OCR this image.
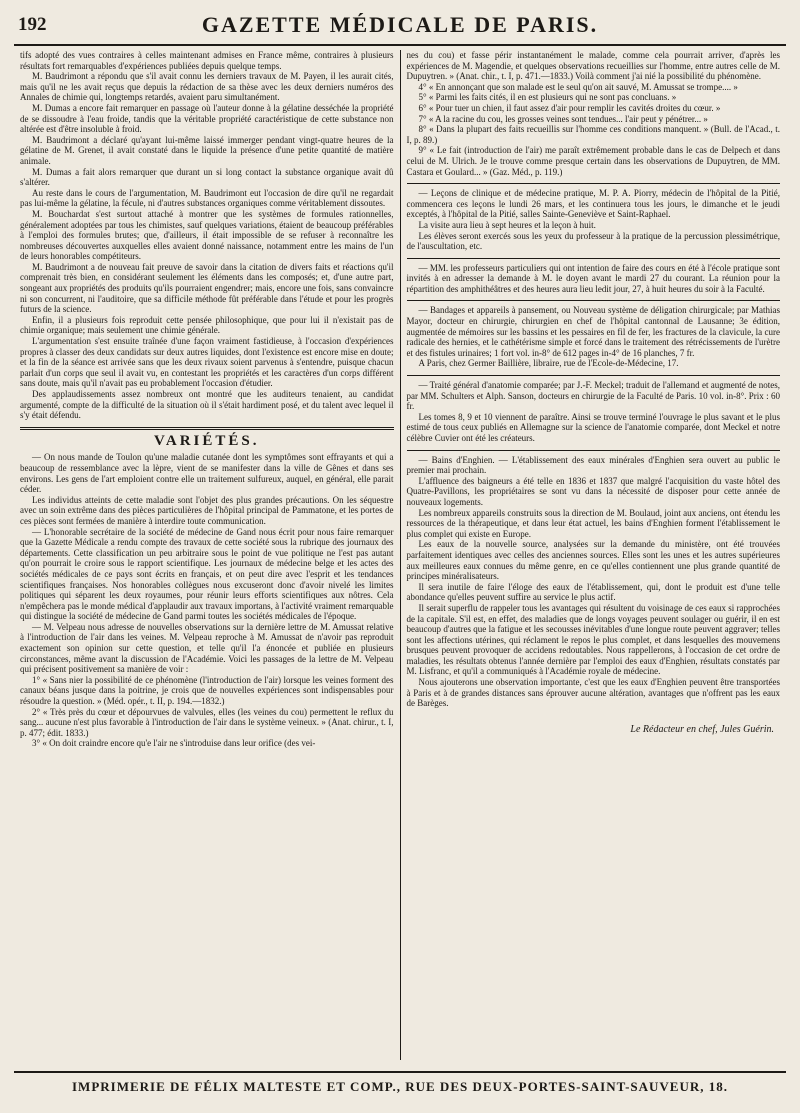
192	GAZETTE MÉDICALE DE PARIS.

tifs adopté des vues contraires à celles maintenant admises en France même, contraires à plusieurs résultats fort remarquables d'expériences publiées depuis quelque temps.

M. Baudrimont a répondu que s'il avait connu les derniers travaux de M. Payen, il les aurait cités, mais qu'il ne les avait reçus que depuis la rédaction de sa thèse avec les deux derniers numéros des Annales de chimie qui, longtemps retardés, avaient paru simultanément.

M. Dumas a encore fait remarquer en passage où l'auteur donne à la gélatine desséchée la propriété de se dissoudre à l'eau froide, tandis que la véritable propriété caractéristique de cette substance non altérée est d'être insoluble à froid.

M. Baudrimont a déclaré qu'ayant lui-même laissé immerger pendant vingt-quatre heures de la gélatine de M. Grenet, il avait constaté dans le liquide la présence d'une petite quantité de matière animale.

M. Dumas a fait alors remarquer que durant un si long contact la substance organique avait dû s'altérer.

Au reste dans le cours de l'argumentation, M. Baudrimont eut l'occasion de dire qu'il ne regardait pas lui-même la gélatine, la fécule, ni d'autres substances organiques comme véritablement dissoutes.

M. Bouchardat s'est surtout attaché à montrer que les systèmes de formules rationnelles, généralement adoptées par tous les chimistes, sauf quelques variations, étaient de beaucoup préférables à l'emploi des formules brutes; que, d'ailleurs, il était impossible de se refuser à reconnaître les nombreuses découvertes auxquelles elles avaient donné naissance, notamment entre les mains de l'un de leurs honorables compétiteurs.

M. Baudrimont a de nouveau fait preuve de savoir dans la citation de divers faits et réactions qu'il comprenait très bien, en considérant seulement les éléments dans les composés; et, d'une autre part, songeant aux propriétés des produits qu'ils pourraient engendrer; mais, encore une fois, sans convaincre ni son concurrent, ni l'auditoire, que sa difficile méthode fût préférable dans l'étude et pour les progrès futurs de la science.

Enfin, il a plusieurs fois reproduit cette pensée philosophique, que pour lui il n'existait pas de chimie organique; mais seulement une chimie générale.

L'argumentation s'est ensuite traînée d'une façon vraiment fastidieuse, à l'occasion d'expériences propres à classer des deux candidats sur deux autres liquides, dont l'existence est encore mise en doute; et la fin de la séance est arrivée sans que les deux rivaux soient parvenus à s'entendre, puisque chacun parlait d'un corps que seul il avait vu, en contestant les propriétés et les caractères d'un corps différent sans doute, mais qu'il n'avait pas eu probablement l'occasion d'étudier.

Des applaudissements assez nombreux ont montré que les auditeurs tenaient, au candidat argumenté, compte de la difficulté de la situation où il s'était hardiment posé, et du talent avec lequel il s'y était défendu.

VARIÉTÉS.

— On nous mande de Toulon qu'une maladie cutanée dont les symptômes sont effrayants et qui a beaucoup de ressemblance avec la lèpre, vient de se manifester dans la ville de Gênes et dans ses environs. Les gens de l'art emploient contre elle un traitement sulfureux, auquel, en général, elle parait céder.

Les individus atteints de cette maladie sont l'objet des plus grandes précautions. On les séquestre avec un soin extrême dans des pièces particulières de l'hôpital principal de Pammatone, et les portes de ces pièces sont fermées de manière à interdire toute communication.

— L'honorable secrétaire de la société de médecine de Gand nous écrit pour nous faire remarquer que la Gazette Médicale a rendu compte des travaux de cette société sous la rubrique des journaux des départements. Cette classification un peu arbitraire sous le point de vue politique ne l'est pas autant qu'on pourrait le croire sous le rapport scientifique. Les journaux de médecine belge et les actes des sociétés médicales de ce pays sont écrits en français, et on peut dire avec l'esprit et les tendances scientifiques françaises. Nos honorables collègues nous excuseront donc d'avoir nivelé les limites politiques qui séparent les deux royaumes, pour réunir leurs efforts scientifiques aux nôtres. Cela n'empêchera pas le monde médical d'applaudir aux travaux importans, à l'activité vraiment remarquable qui distingue la société de médecine de Gand parmi toutes les sociétés médicales de l'époque.

— M. Velpeau nous adresse de nouvelles observations sur la dernière lettre de M. Amussat relative à l'introduction de l'air dans les veines. M. Velpeau reproche à M. Amussat de n'avoir pas reproduit exactement son opinion sur cette question, et telle qu'il l'a énoncée et publiée en plusieurs circonstances, même avant la discussion de l'Académie. Voici les passages de la lettre de M. Velpeau qui précisent positivement sa manière de voir :

1° « Sans nier la possibilité de ce phénomène (l'introduction de l'air) lorsque les veines forment des canaux béans jusque dans la poitrine, je crois que de nouvelles expériences sont indispensables pour résoudre la question. » (Méd. opér., t. II, p. 194.—1832.)

2° « Très près du cœur et dépourvues de valvules, elles (les veines du cou) permettent le reflux du sang... aucune n'est plus favorable à l'introduction de l'air dans le système veineux. » (Anat. chirur., t. I, p. 477; édit. 1833.)

3° « On doit craindre encore qu'e l'air ne s'introduise dans leur orifice (des vei-

nes du cou) et fasse périr instantanément le malade, comme cela pourrait arriver, d'après les expériences de M. Magendie, et quelques observations recueillies sur l'homme, entre autres celle de M. Dupuytren. » (Anat. chir., t. I, p. 471.—1833.) Voilà comment j'ai nié la possibilité du phénomène.

4° « En annonçant que son malade est le seul qu'on ait sauvé, M. Amussat se trompe.... »

5° « Parmi les faits cités, il en est plusieurs qui ne sont pas concluans. »

6° « Pour tuer un chien, il faut assez d'air pour remplir les cavités droites du cœur. »

7° « A la racine du cou, les grosses veines sont tendues... l'air peut y pénétrer... »

8° « Dans la plupart des faits recueillis sur l'homme ces conditions manquent. » (Bull. de l'Acad., t. I, p. 89.)

9° « Le fait (introduction de l'air) me paraît extrêmement probable dans le cas de Delpech et dans celui de M. Ulrich. Je le trouve comme presque certain dans les observations de Dupuytren, de MM. Castara et Goulard... » (Gaz. Méd., p. 119.)

— Leçons de clinique et de médecine pratique, M. P. A. Piorry, médecin de l'hôpital de la Pitié, commencera ces leçons le lundi 26 mars, et les continuera tous les jours, le dimanche et le jeudi exceptés, à l'hôpital de la Pitié, salles Sainte-Geneviève et Saint-Raphael.

La visite aura lieu à sept heures et la leçon à huit.

Les élèves seront exercés sous les yeux du professeur à la pratique de la percussion plessimétrique, de l'auscultation, etc.

— MM. les professeurs particuliers qui ont intention de faire des cours en été à l'école pratique sont invités à en adresser la demande à M. le doyen avant le mardi 27 du courant. La réunion pour la répartition des amphithéâtres et des heures aura lieu ledit jour, 27, à huit heures du soir à la Faculté.

— Bandages et appareils à pansement, ou Nouveau système de déligation chirurgicale; par Mathias Mayor, docteur en chirurgie, chirurgien en chef de l'hôpital cantonnal de Lausanne; 3e édition, augmentée de mémoires sur les bassins et les pessaires en fil de fer, les fractures de la clavicule, la cure radicale des hernies, et le cathétérisme simple et forcé dans le traitement des rétrécissements de l'urètre et des fistules urinaires; 1 fort vol. in-8° de 612 pages in-4° de 16 planches, 7 fr.

A Paris, chez Germer Baillière, libraire, rue de l'Ecole-de-Médecine, 17.

— Traité général d'anatomie comparée; par J.-F. Meckel; traduit de l'allemand et augmenté de notes, par MM. Schulters et Alph. Sanson, docteurs en chirurgie de la Faculté de Paris. 10 vol. in-8°. Prix : 60 fr.

Les tomes 8, 9 et 10 viennent de paraître. Ainsi se trouve terminé l'ouvrage le plus savant et le plus estimé de tous ceux publiés en Allemagne sur la science de l'anatomie comparée, dont Meckel et notre célèbre Cuvier ont été les créateurs.

— Bains d'Enghien. — L'établissement des eaux minérales d'Enghien sera ouvert au public le premier mai prochain.

L'affluence des baigneurs a été telle en 1836 et 1837 que malgré l'acquisition du vaste hôtel des Quatre-Pavillons, les propriétaires se sont vu dans la nécessité de disposer pour cette année de nouveaux logements.

Les nombreux appareils construits sous la direction de M. Boulaud, joint aux anciens, ont étendu les ressources de la thérapeutique, et dans leur état actuel, les bains d'Enghien forment l'établissement le plus complet qui existe en Europe.

Les eaux de la nouvelle source, analysées sur la demande du ministère, ont été trouvées parfaitement identiques avec celles des anciennes sources. Elles sont les unes et les autres supérieures aux meilleures eaux connues du même genre, en ce qu'elles contiennent une plus grande quantité de principes minéralisateurs.

Il sera inutile de faire l'éloge des eaux de l'établissement, qui, dont le produit est d'une telle abondance qu'elles peuvent suffire au service le plus actif.

Il serait superflu de rappeler tous les avantages qui résultent du voisinage de ces eaux si rapprochées de la capitale. S'il est, en effet, des maladies que de longs voyages peuvent soulager ou guérir, il en est beaucoup d'autres que la fatigue et les secousses inévitables d'une longue route peuvent aggraver; telles sont les affections utérines, qui réclament le repos le plus complet, et dans lesquelles des mouvemens brusques peuvent provoquer de accidens redoutables. Nous rappellerons, à l'occasion de cet ordre de maladies, les résultats obtenus l'année dernière par l'emploi des eaux d'Enghien, résultats constatés par M. Lisfranc, et qu'il a communiqués à l'Académie royale de médecine.

Nous ajouterons une observation importante, c'est que les eaux d'Enghien peuvent être transportées à Paris et à de grandes distances sans éprouver aucune altération, avantages que n'offrent pas les eaux de Barèges.

Le Rédacteur en chef, Jules Guérin.
IMPRIMERIE DE FÉLIX MALTESTE ET COMP., RUE DES DEUX-PORTES-SAINT-SAUVEUR, 18.
